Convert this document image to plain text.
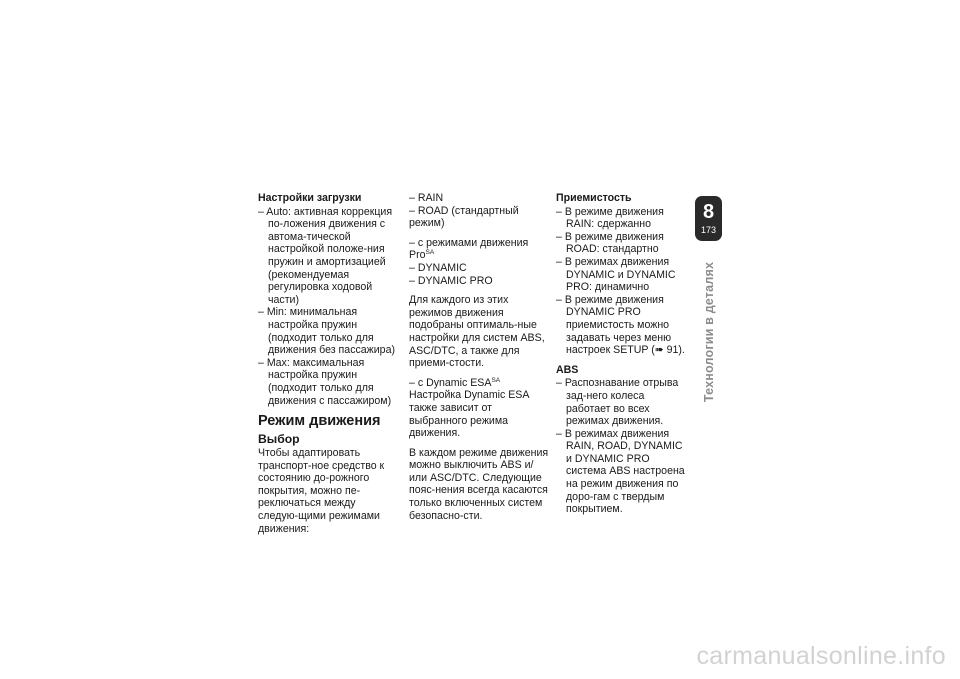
Настройки загрузки
– Auto: активная коррекция по-ложения движения с автома-тической настройкой положе-ния пружин и амортизацией (рекомендуемая регулировка ходовой части)
– Min: минимальная настройка пружин (подходит только для движения без пассажира)
– Max: максимальная настройка пружин (подходит только для движения с пассажиром)
Режим движения
Выбор

Чтобы адаптировать транспорт-ное средство к состоянию до-рожного покрытия, можно пе-реключаться между следую-щими режимами движения:

– RAIN
– ROAD (стандартный режим)
– с режимами движения Pro$^{SA}$
– DYNAMIC
– DYNAMIC PRO

Для каждого из этих режимов движения подобраны оптималь-ные настройки для систем ABS, ASC/DTC, а также для приеми-стости.

– с Dynamic $ESA^{SA}$

Настройка Dynamic ESA также зависит от выбранного режима движения.

В каждом режиме движения можно выключить ABS и/или ASC/DTC. Следующие пояс-нения всегда касаются только включенных систем безопасно-сти.

Приемистость
– В режиме движения RAIN: сдержанно
– В режиме движения ROAD: стандартно
– В режимах движения DYNAMIC и DYNAMIC PRO: динамично
– В режиме движения DYNAMIC PRO приемистость можно задавать через меню настроек SETUP (➠ 91).
ABS
– Распознавание отрыва зад-него колеса работает во всех режимах движения.
– В режимах движения RAIN, ROAD, DYNAMIC и DYNAMIC PRO система ABS настроена на режим движения по доро-гам с твердым покрытием.
8
173
Технологии в деталях
carmanualsonline.info
